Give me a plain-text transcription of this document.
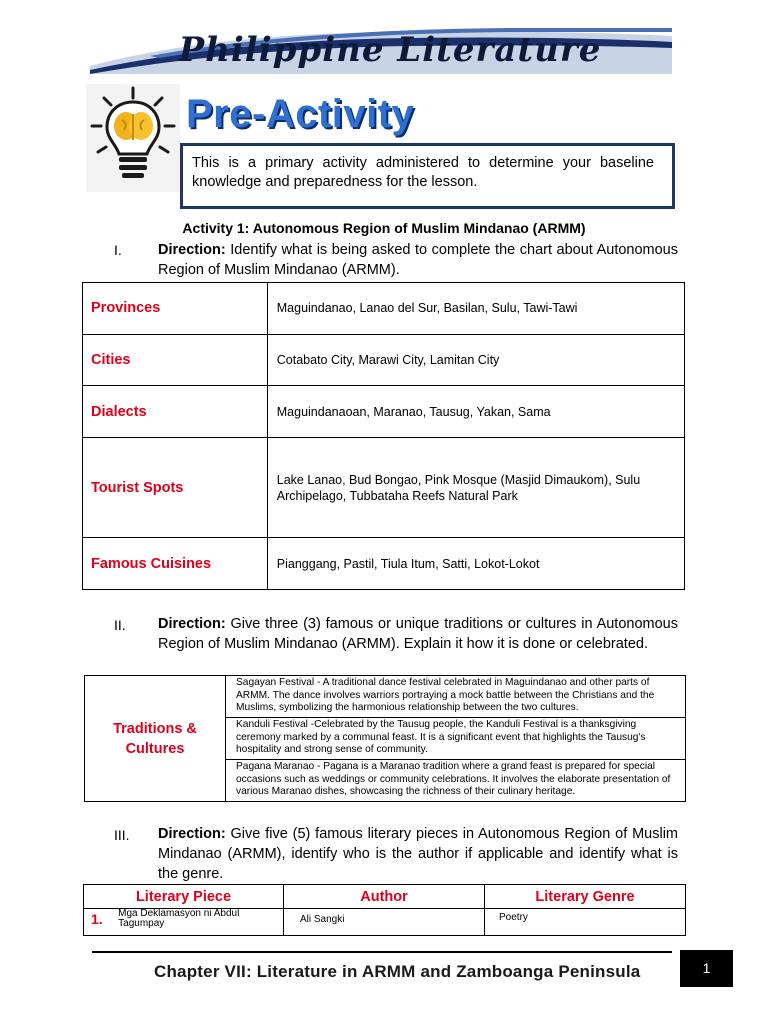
Philippine Literature
Pre-Activity
This is a primary activity administered to determine your baseline knowledge and preparedness for the lesson.
Activity 1: Autonomous Region of Muslim Mindanao (ARMM)
I. Direction: Identify what is being asked to complete the chart about Autonomous Region of Muslim Mindanao (ARMM).
Provinces	Maguindanao, Lanao del Sur, Basilan, Sulu, Tawi-Tawi
Cities	Cotabato City, Marawi City, Lamitan City
Dialects	Maguindanaoan, Maranao, Tausug, Yakan, Sama
Tourist Spots	Lake Lanao, Bud Bongao, Pink Mosque (Masjid Dimaukom), Sulu Archipelago, Tubbataha Reefs Natural Park
Famous Cuisines	Pianggang, Pastil, Tiula Itum, Satti, Lokot-Lokot
II. Direction: Give three (3) famous or unique traditions or cultures in Autonomous Region of Muslim Mindanao (ARMM). Explain it how it is done or celebrated.
Traditions & Cultures
	Sagayan Festival - A traditional dance festival celebrated in Maguindanao and other parts of ARMM. The dance involves warriors portraying a mock battle between the Christians and the Muslims, symbolizing the harmonious relationship between the two cultures.
Kanduli Festival -Celebrated by the Tausug people, the Kanduli Festival is a thanksgiving ceremony marked by a communal feast. It is a significant event that highlights the Tausug's hospitality and strong sense of community.
Pagana Maranao - Pagana is a Maranao tradition where a grand feast is prepared for special occasions such as weddings or community celebrations. It involves the elaborate presentation of various Maranao dishes, showcasing the richness of their culinary heritage.
III. Direction: Give five (5) famous literary pieces in Autonomous Region of Muslim Mindanao (ARMM), identify who is the author if applicable and identify what is the genre.
Literary Piece	Author	Literary Genre

1. Mga Deklamasyon ni Abdul Tagumpay	Ali Sangki	Poetry
Chapter VII: Literature in ARMM and Zamboanga Peninsula	1
